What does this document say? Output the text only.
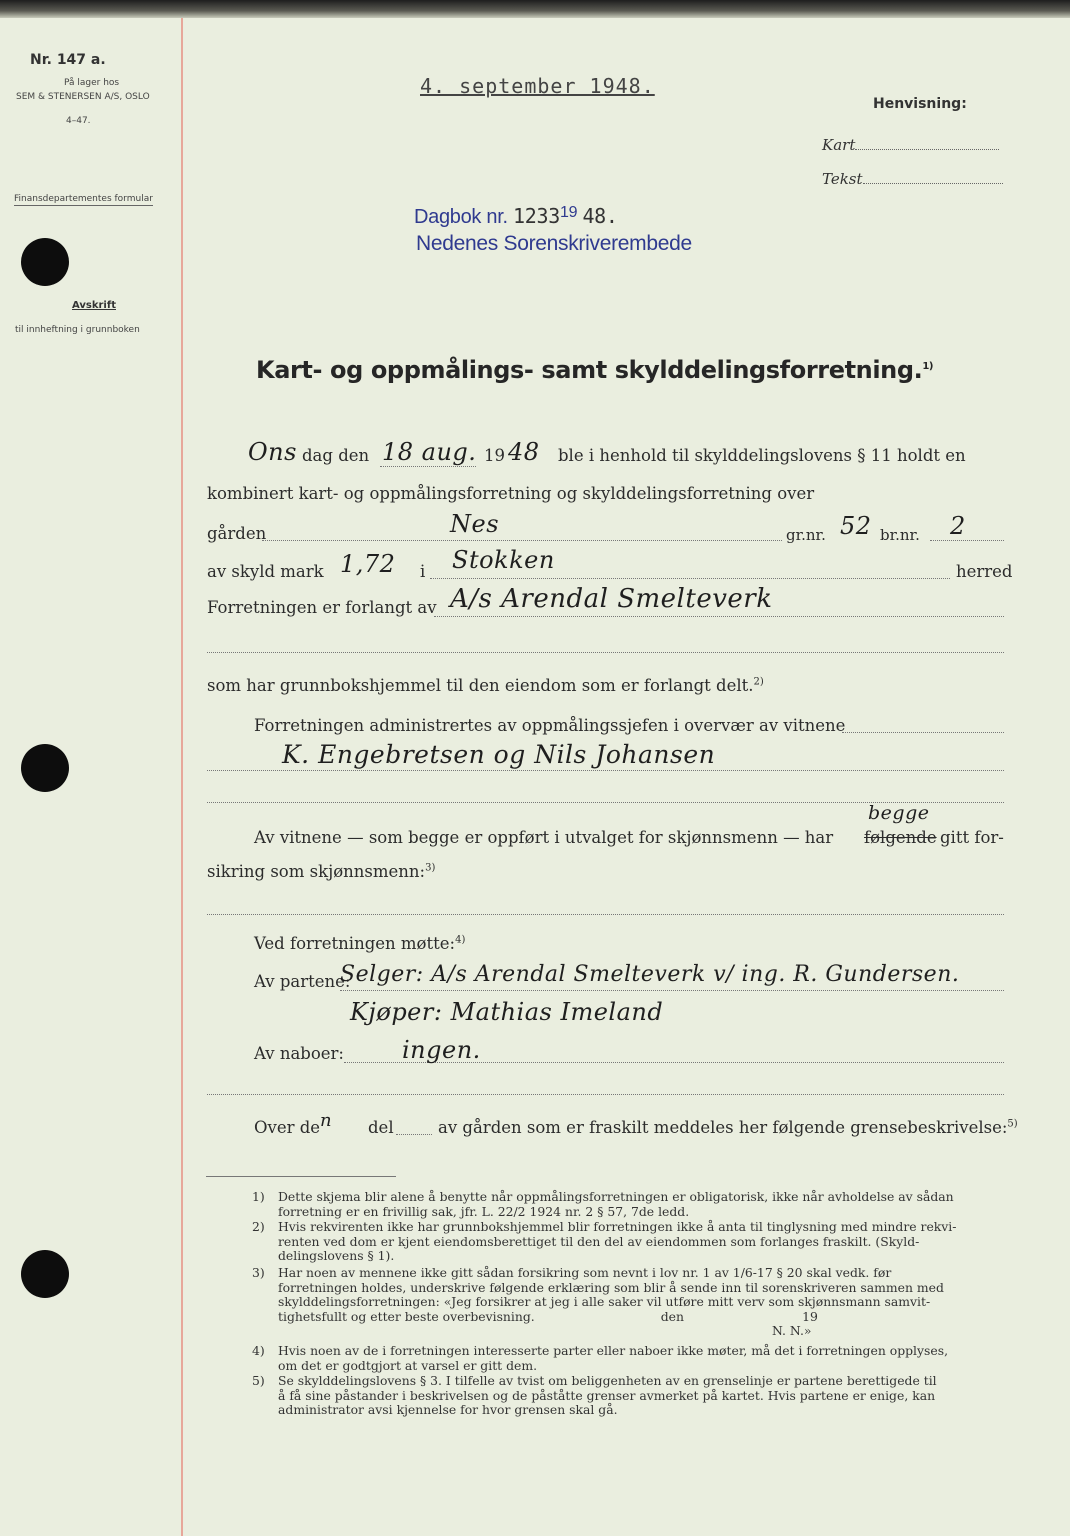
Nr. 147 a.
På lager hos
SEM & STENERSEN A/S, OSLO
4–47.
Finansdepartementes formular
Avskrift
til innheftning i grunnboken
4. september 1948.
Henvisning:
Kart
Tekst
Dagbok nr. 1233$^{19}$ 48.
Nedenes Sorenskriverembede
Kart- og oppmålings- samt skylddelingsforretning.$^{1)}$
Ons dag den 18 aug. 19 48 ble i henhold til skylddelingslovens § 11 holdt en
kombinert kart- og oppmålingsforretning og skylddelingsforretning over
gården	Nes	gr.nr. 52 br.nr. 2
av skyld mark 1,72 i Stokken	herred
Forretningen er forlangt av A/s Arendal Smelteverk
som har grunnbokshjemmel til den eiendom som er forlangt delt.$^{2)}$
Forretningen administrertes av oppmålingssjefen i overvær av vitnene
K. Engebretsen og Nils Johansen
begge
Av vitnene — som begge er oppført i utvalget for skjønnsmenn — har følgende gitt for-
sikring som skjønnsmenn:$^{3)}$
Ved forretningen møtte:$^{4)}$
Av partene:
Selger: A/s Arendal Smelteverk v/ ing. R. Gundersen.
Kjøper: Mathias Imeland
Av naboer: ingen.
Over de n del	av gården som er fraskilt meddeles her følgende grensebeskrivelse:$^{5)}$
1) Dette skjema blir alene å benytte når oppmålingsforretningen er obligatorisk, ikke når avholdelse av sådan
forretning er en frivillig sak, jfr. L. 22/2 1924 nr. 2 § 57, 7de ledd.
2) Hvis rekvirenten ikke har grunnbokshjemmel blir forretningen ikke å anta til tinglysning med mindre rekvi-
renten ved dom er kjent eiendomsberettiget til den del av eiendommen som forlanges fraskilt. (Skyld-
delingslovens § 1).
3) Har noen av mennene ikke gitt sådan forsikring som nevnt i lov nr. 1 av 1/6-17 § 20 skal vedk. før
forretningen holdes, underskrive følgende erklæring som blir å sende inn til sorenskriveren sammen med
skylddelingsforretningen: «Jeg forsikrer at jeg i alle saker vil utføre mitt verv som skjønnsmann samvit-
tighetsfullt og etter beste overbevisning.                                den                              19
N. N.»
4) Hvis noen av de i forretningen interesserte parter eller naboer ikke møter, må det i forretningen opplyses,
om det er godtgjort at varsel er gitt dem.
5) Se skylddelingslovens § 3. I tilfelle av tvist om beliggenheten av en grenselinje er partene berettigede til
å få sine påstander i beskrivelsen og de påståtte grenser avmerket på kartet. Hvis partene er enige, kan
administrator avsi kjennelse for hvor grensen skal gå.
